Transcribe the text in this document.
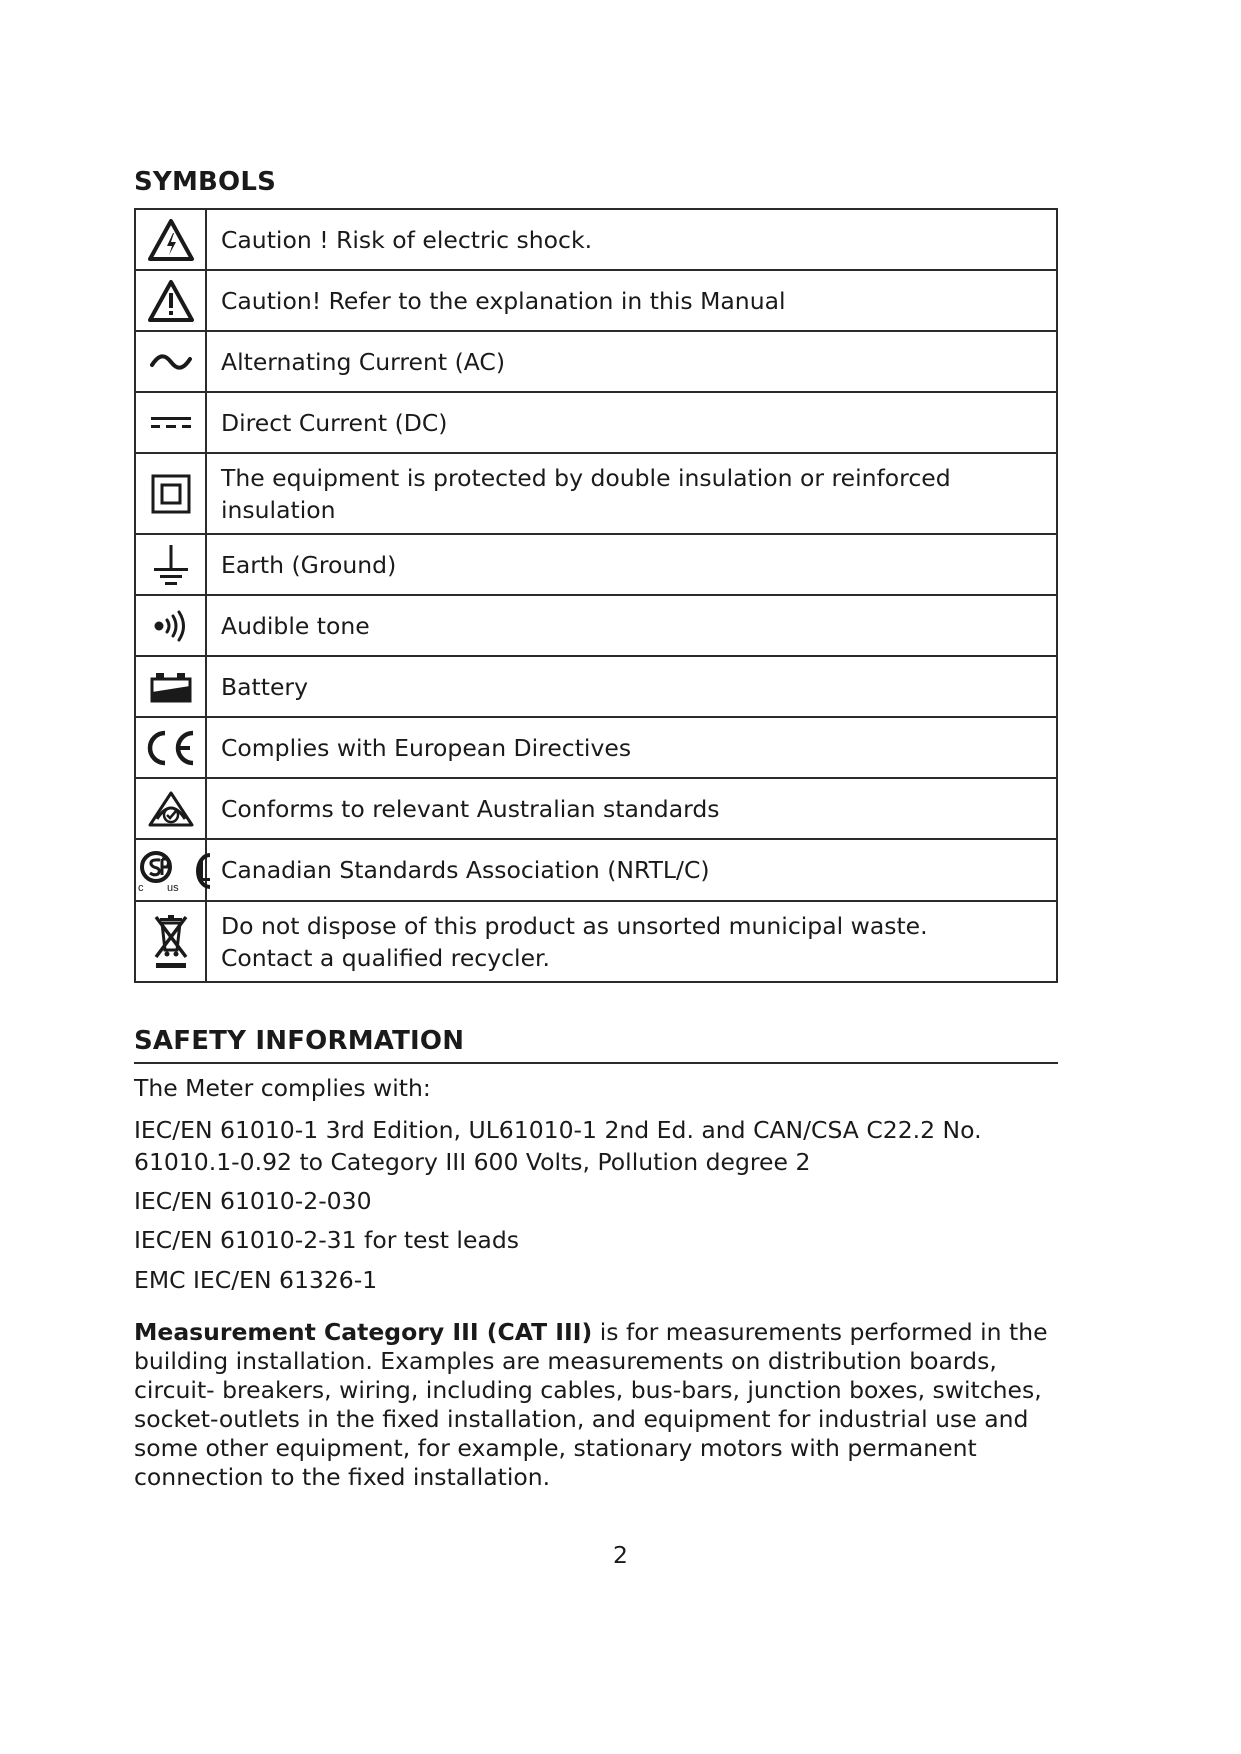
SYMBOLS
	Caution ! Risk of electric shock.

	Caution! Refer to the explanation in this Manual

	Alternating Current (AC)

	Direct Current (DC)

	The equipment is protected by double insulation or reinforced insulation

	Earth (Ground)

	Audible tone

	Battery

	Complies with European Directives

	Conforms to relevant Australian standards

c us	Canadian Standards Association (NRTL/C)

Do not dispose of this product as unsorted municipal waste.
Contact a qualified recycler.
SAFETY INFORMATION
The Meter complies with:
IEC/EN 61010-1 3rd Edition, UL61010-1 2nd Ed. and CAN/CSA C22.2 No.
61010.1-0.92 to Category III 600 Volts, Pollution degree 2
IEC/EN 61010-2-030
IEC/EN 61010-2-31 for test leads
EMC IEC/EN 61326-1
Measurement Category III (CAT III) is for measurements performed in the building installation. Examples are measurements on distribution boards, circuit- breakers, wiring, including cables, bus-bars, junction boxes, switches, socket-outlets in the fixed installation, and equipment for industrial use and some other equipment, for example, stationary motors with permanent connection to the fixed installation.
2
